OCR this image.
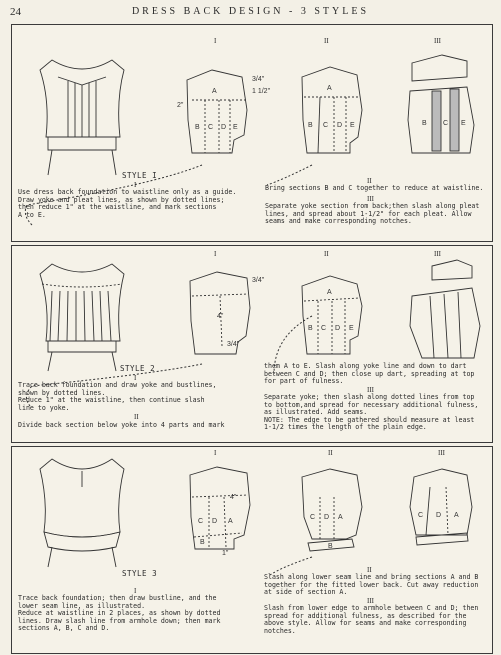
24	DRESS BACK DESIGN - 3 STYLES
A
B C D E
3/4"
1 1/2"
2"
A
B C D E	B C E
I	II	III
STYLE I
I
Use dress back foundation to waistline only as a guide.
Draw yoke and pleat lines, as shown by dotted lines;
then reduce 1" at the waistline, and mark sections
A to E.
II
Bring sections B and C together to reduce at waistline.
III
Separate yoke section from back;then slash along pleat
lines, and spread about 1-1/2" for each pleat. Allow
seams and make corresponding notches.
3/4"
4"
3/4"
A
B C D E
I	II	III
STYLE 2
I
Trace back foundation and draw yoke and bustlines,
shown by dotted lines.
Reduce 1" at the waistline, then continue slash
line to yoke.
II
Divide back section below yoke into 4 parts and mark
them A to E. Slash along yoke line and down to dart
between C and D; then close up dart, spreading at top
for part of fulness.
III
Separate yoke; then slash along dotted lines from top
to bottom,and spread for necessary additional fulness,
as illustrated. Add seams.
NOTE: The edge to be gathered should measure at least
1-1/2 times the length of the plain edge.
C D A
B
4"
1"
C D A
B
C D A
I	II	III
STYLE 3
I
Trace back foundation; then draw bustline, and the
lower seam line, as illustrated.
Reduce at waistline in 2 places, as shown by dotted
lines. Draw slash line from armhole down; then mark
sections A, B, C and D.
II
Slash along lower seam line and bring sections A and B
together for the fitted lower back. Cut away reduction
at side of section A.
III
Slash from lower edge to armhole between C and D; then
spread for additional fulness, as described for the
above style. Allow for seams and make corresponding
notches.
